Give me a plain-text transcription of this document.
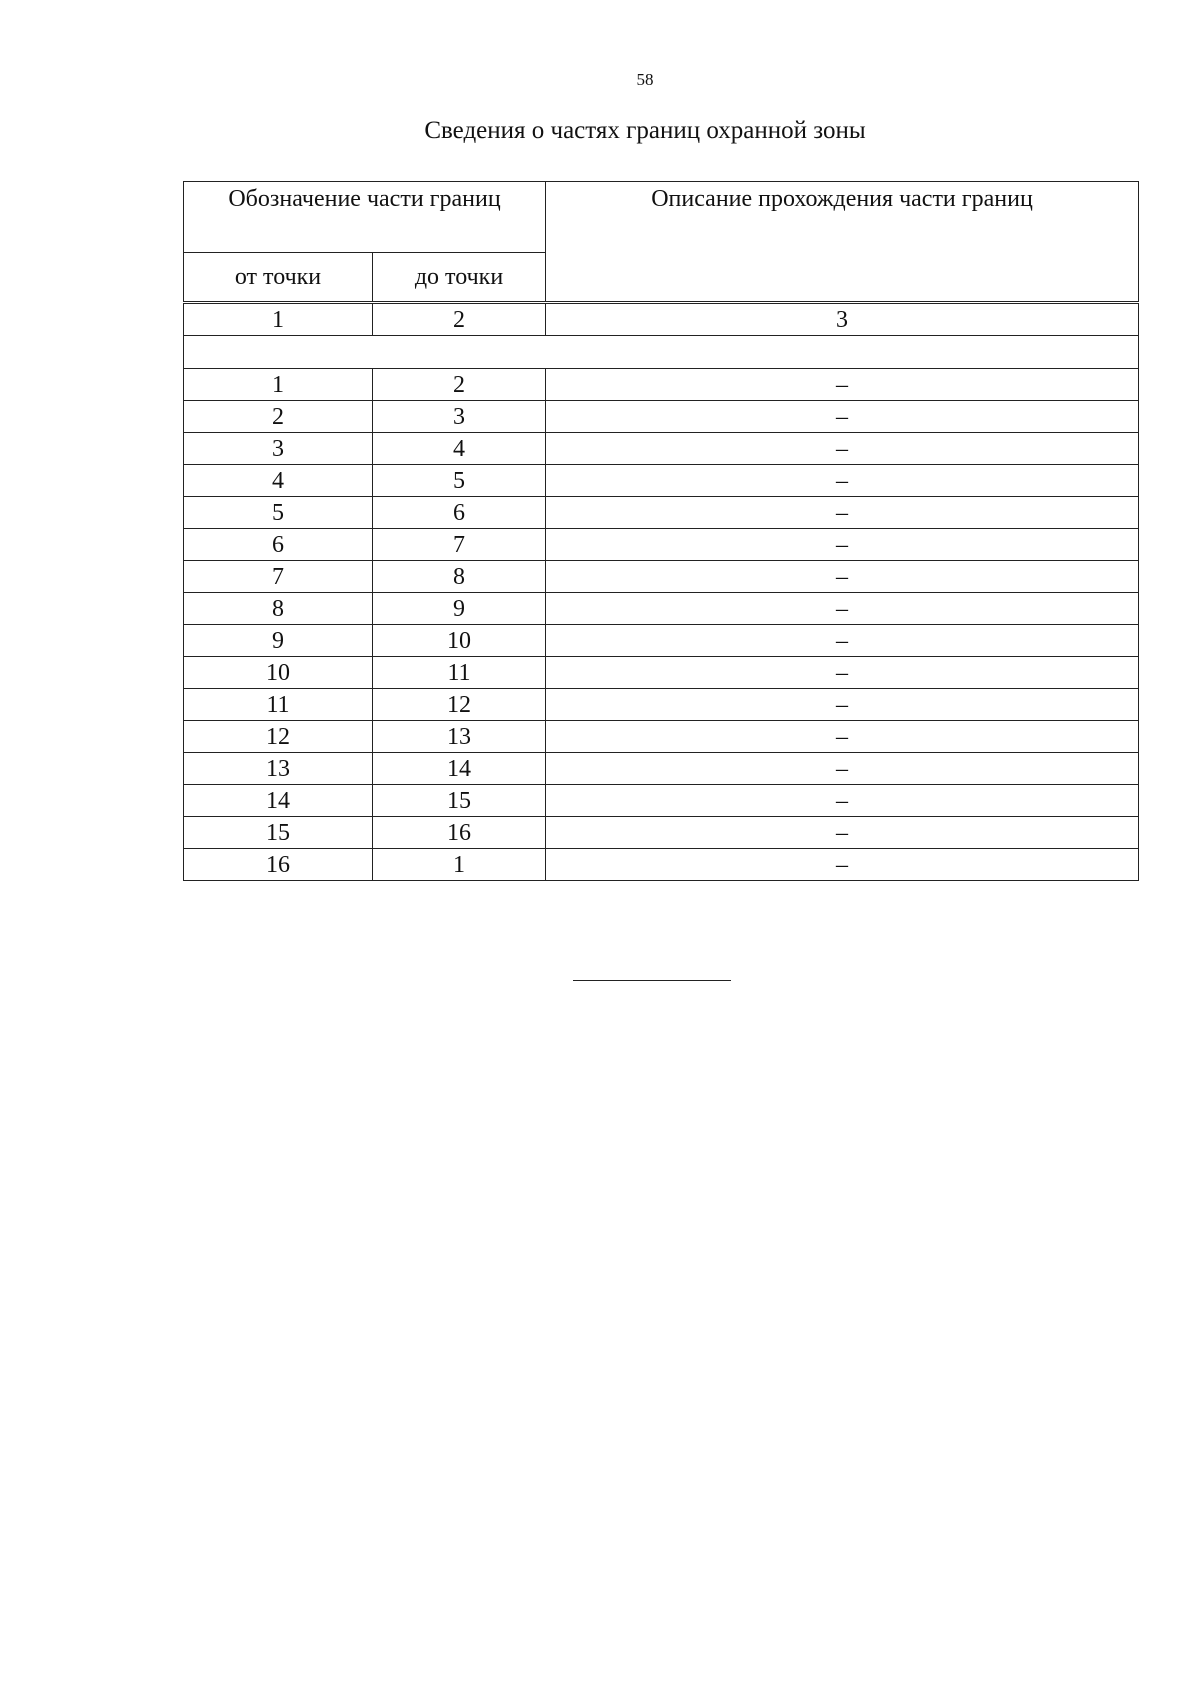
58
Сведения о частях границ охранной зоны
Обозначение части границ		Описание прохождения части границ
от точки	до точки	
1	2	3

1	2	–
2	3	–
3	4	–
4	5	–
5	6	–
6	7	–
7	8	–
8	9	–
9	10	–
10	11	–
11	12	–
12	13	–
13	14	–
14	15	–
15	16	–
16	1	–
